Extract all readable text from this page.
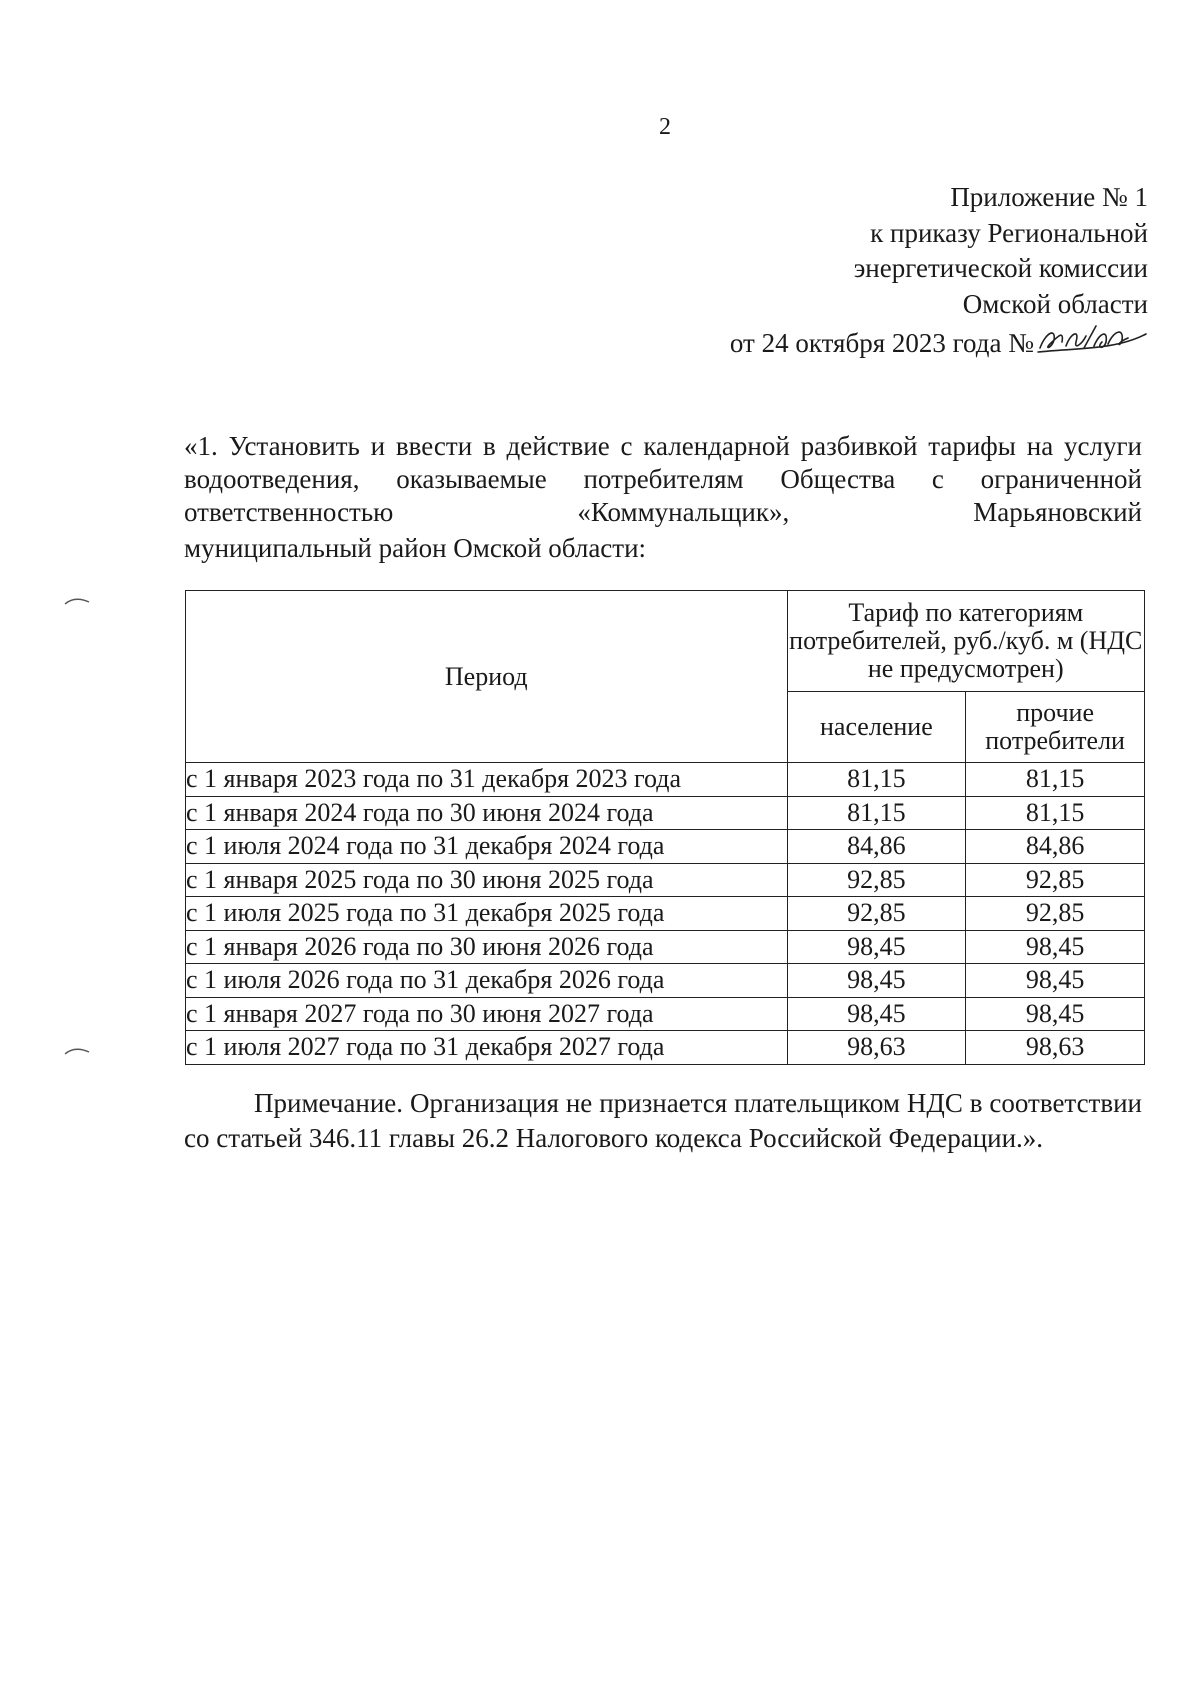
2
Приложение № 1
к приказу Региональной
энергетической комиссии
Омской области
от 24 октября 2023 года №
«1. Установить и ввести в действие с календарной разбивкой тарифы на услуги водоотведения, оказываемые потребителям Общества с ограниченной ответственностью «Коммунальщик», Марьяновский
муниципальный район Омской области:
Период	Тариф по категориям потребителей, руб./куб. м (НДС не предусмотрен)	
	население	прочие потребители
с 1 января 2023 года по 31 декабря 2023 года	81,15	81,15
с 1 января 2024 года по 30 июня 2024 года	81,15	81,15
с 1 июля 2024 года по 31 декабря 2024 года	84,86	84,86
с 1 января 2025 года по 30 июня 2025 года	92,85	92,85
с 1 июля 2025 года по 31 декабря 2025 года	92,85	92,85
с 1 января 2026 года по 30 июня 2026 года	98,45	98,45
с 1 июля 2026 года по 31 декабря 2026 года	98,45	98,45
с 1 января 2027 года по 30 июня 2027 года	98,45	98,45
с 1 июля 2027 года по 31 декабря 2027 года	98,63	98,63

Примечание. Организация не признается плательщиком НДС в соответствии со статьей 346.11 главы 26.2 Налогового кодекса Российской Федерации.».
